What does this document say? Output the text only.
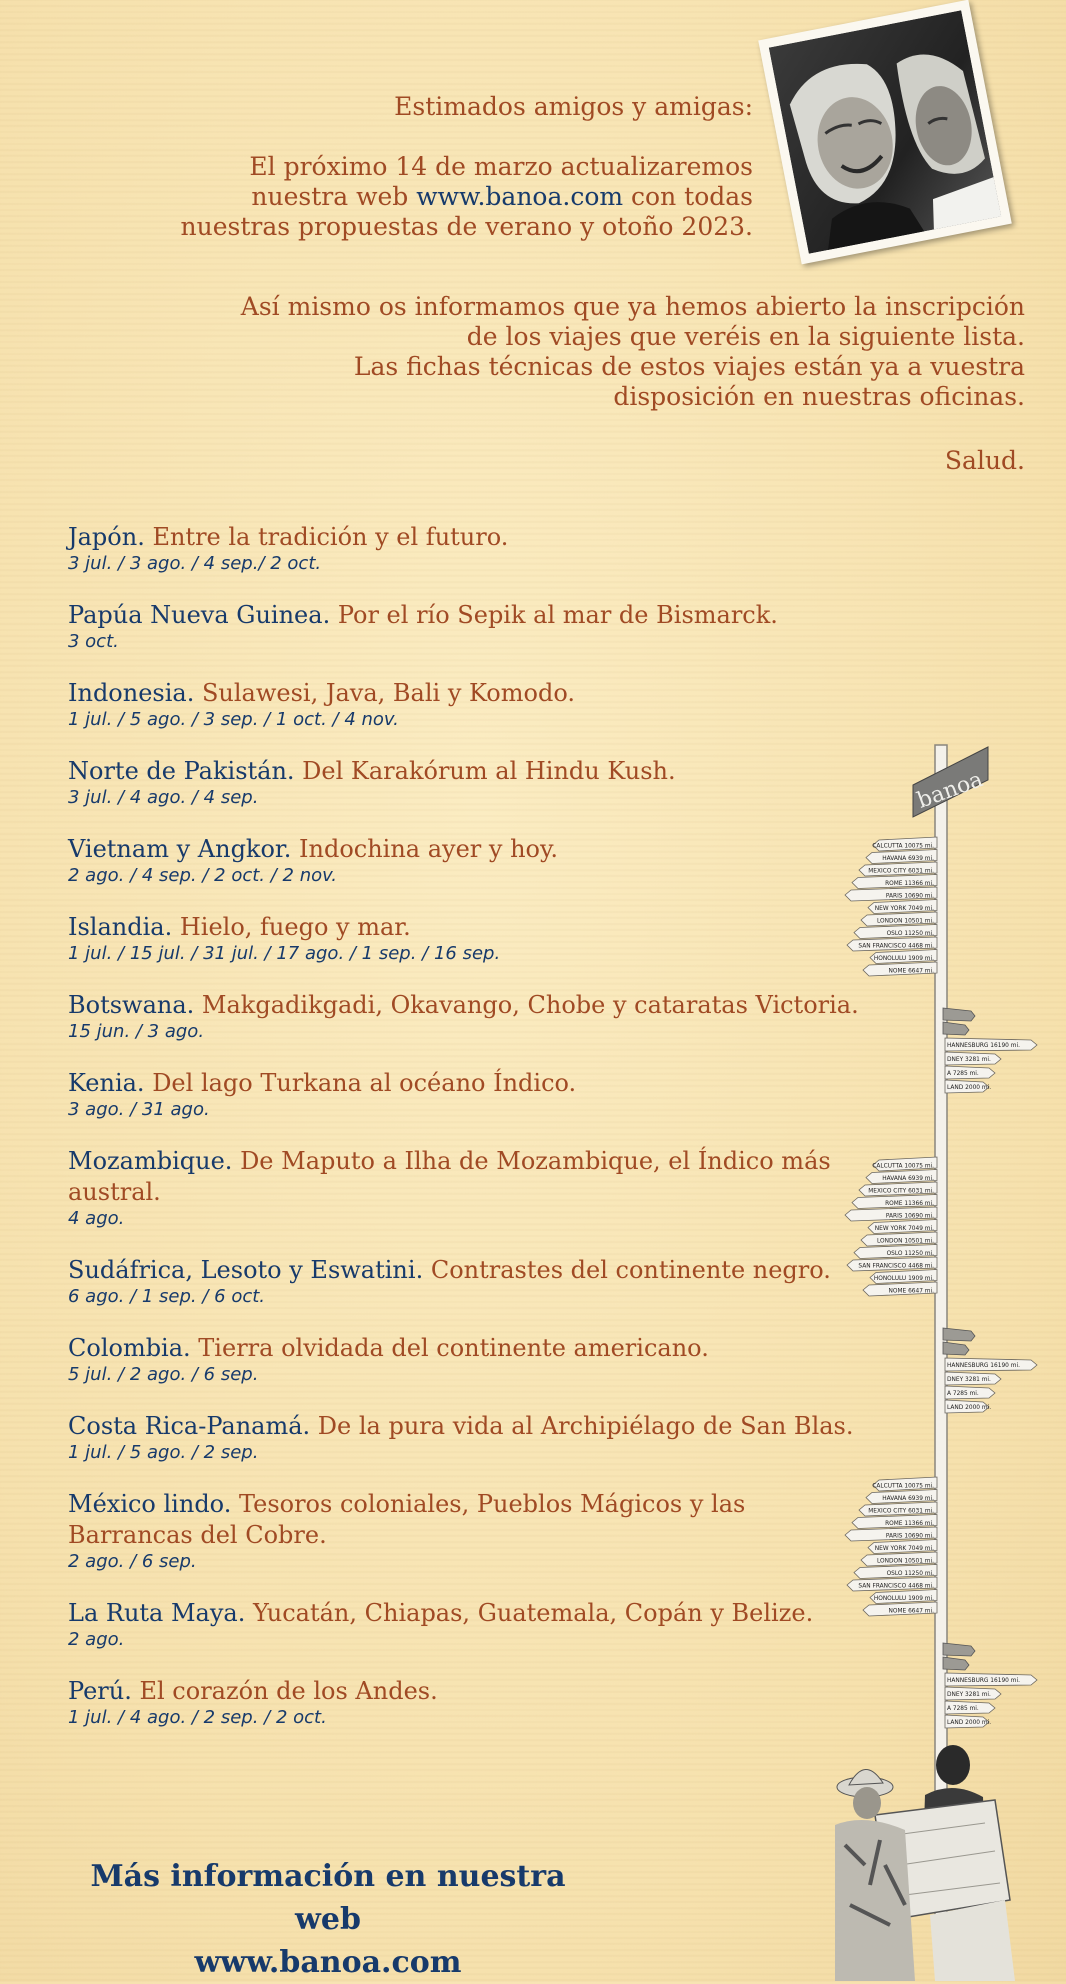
Estimados amigos y amigas:

El próximo 14 de marzo actualizaremos
nuestra web www.banoa.com con todas
nuestras propuestas de verano y otoño 2023.

Así mismo os informamos que ya hemos abierto la inscripción
de los viajes que veréis en la siguiente lista.
Las fichas técnicas de estos viajes están ya a vuestra
disposición en nuestras oficinas.

Salud.

Japón. Entre la tradición y el futuro.
3 jul. / 3 ago. / 4 sep./ 2 oct.
Papúa Nueva Guinea. Por el río Sepik al mar de Bismarck.
3 oct.
Indonesia. Sulawesi, Java, Bali y Komodo.
1 jul. / 5 ago. / 3 sep. / 1 oct. / 4 nov.
Norte de Pakistán. Del Karakórum al Hindu Kush.
3 jul. / 4 ago. / 4 sep.
Vietnam y Angkor. Indochina ayer y hoy.
2 ago. / 4 sep. / 2 oct. / 2 nov.
Islandia. Hielo, fuego y mar.
1 jul. / 15 jul. / 31 jul. / 17 ago. / 1 sep. / 16 sep.
Botswana. Makgadikgadi, Okavango, Chobe y cataratas Victoria.
15 jun. / 3 ago.
Kenia. Del lago Turkana al océano Índico.
3 ago. / 31 ago.
Mozambique. De Maputo a Ilha de Mozambique, el Índico más austral.
4 ago.
Sudáfrica, Lesoto y Eswatini. Contrastes del continente negro.
6 ago. / 1 sep. / 6 oct.
Colombia. Tierra olvidada del continente americano.
5 jul. / 2 ago. / 6 sep.
Costa Rica-Panamá. De la pura vida al Archipiélago de San Blas.
1 jul. / 5 ago. / 2 sep.
México lindo. Tesoros coloniales, Pueblos Mágicos y las Barrancas del Cobre.
2 ago. / 6 sep.
La Ruta Maya. Yucatán, Chiapas, Guatemala, Copán y Belize.
2 ago.
Perú. El corazón de los Andes.
1 jul. / 4 ago. / 2 sep. / 2 oct.
Más información en nuestra web
www.banoa.com
banoa
CALCUTTA 10075 mi.
HAVANA 6939 mi.
MEXICO CITY 6031 mi.
ROME 11366 mi.
PARIS 10690 mi.
NEW YORK 7049 mi.
LONDON 10501 mi.
OSLO 11250 mi.
SAN FRANCISCO 4468 mi.
HONOLULU 1909 mi.
NOME 6647 mi.
HANNESBURG 16190 mi.
DNEY 3281 mi.
A 7285 mi.
LAND 2000 mi.
CALCUTTA 10075 mi.
HAVANA 6939 mi.
MEXICO CITY 6031 mi.
ROME 11366 mi.
PARIS 10690 mi.
NEW YORK 7049 mi.
LONDON 10501 mi.
OSLO 11250 mi.
SAN FRANCISCO 4468 mi.
HONOLULU 1909 mi.
NOME 6647 mi.
HANNESBURG 16190 mi.
DNEY 3281 mi.
A 7285 mi.
LAND 2000 mi.
CALCUTTA 10075 mi.
HAVANA 6939 mi.
MEXICO CITY 6031 mi.
ROME 11366 mi.
PARIS 10690 mi.
NEW YORK 7049 mi.
LONDON 10501 mi.
OSLO 11250 mi.
SAN FRANCISCO 4468 mi.
HONOLULU 1909 mi.
NOME 6647 mi.
HANNESBURG 16190 mi.
DNEY 3281 mi.
A 7285 mi.
LAND 2000 mi.
